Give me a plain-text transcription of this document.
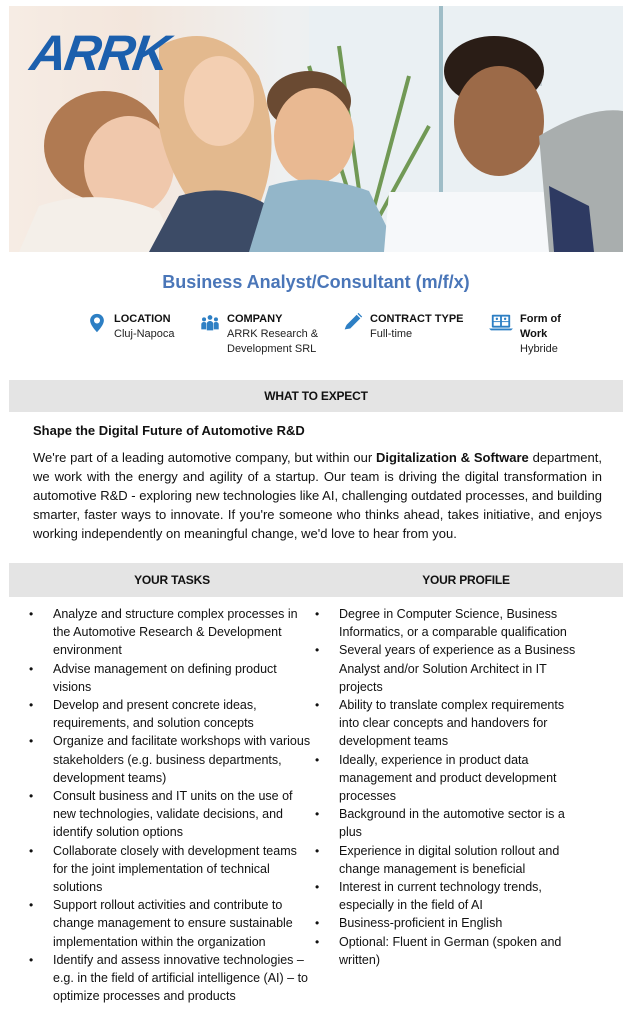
ARRK
Business Analyst/Consultant (m/f/x)
LOCATION
Cluj-Napoca
COMPANY
ARRK Research &
Development SRL
CONTRACT TYPE
Full-time
Form of
Work
Hybride
WHAT TO EXPECT
Shape the Digital Future of Automotive R&D
We're part of a leading automotive company, but within our Digitalization & Software department, we work with the energy and agility of a startup. Our team is driving the digital transformation in automotive R&D - exploring new technologies like AI, challenging outdated processes, and building smarter, faster ways to innovate. If you're someone who thinks ahead, takes initiative, and enjoys working independently on meaningful change, we'd love to hear from you.
YOUR TASKS	YOUR PROFILE
• Analyze and structure complex processes in the Automotive Research & Development environment
• Advise management on defining product visions
• Develop and present concrete ideas, requirements, and solution concepts
• Organize and facilitate workshops with various stakeholders (e.g. business departments, development teams)
• Consult business and IT units on the use of new technologies, validate decisions, and identify solution options
• Collaborate closely with development teams for the joint implementation of technical solutions
• Support rollout activities and contribute to change management to ensure sustainable implementation within the organization
• Identify and assess innovative technologies – e.g. in the field of artificial intelligence (AI) – to optimize processes and products
• Degree in Computer Science, Business Informatics, or a comparable qualification
• Several years of experience as a Business Analyst and/or Solution Architect in IT projects
• Ability to translate complex requirements into clear concepts and handovers for development teams
• Ideally, experience in product data management and product development processes
• Background in the automotive sector is a plus
• Experience in digital solution rollout and change management is beneficial
• Interest in current technology trends, especially in the field of AI
• Business-proficient in English
• Optional: Fluent in German (spoken and written)
